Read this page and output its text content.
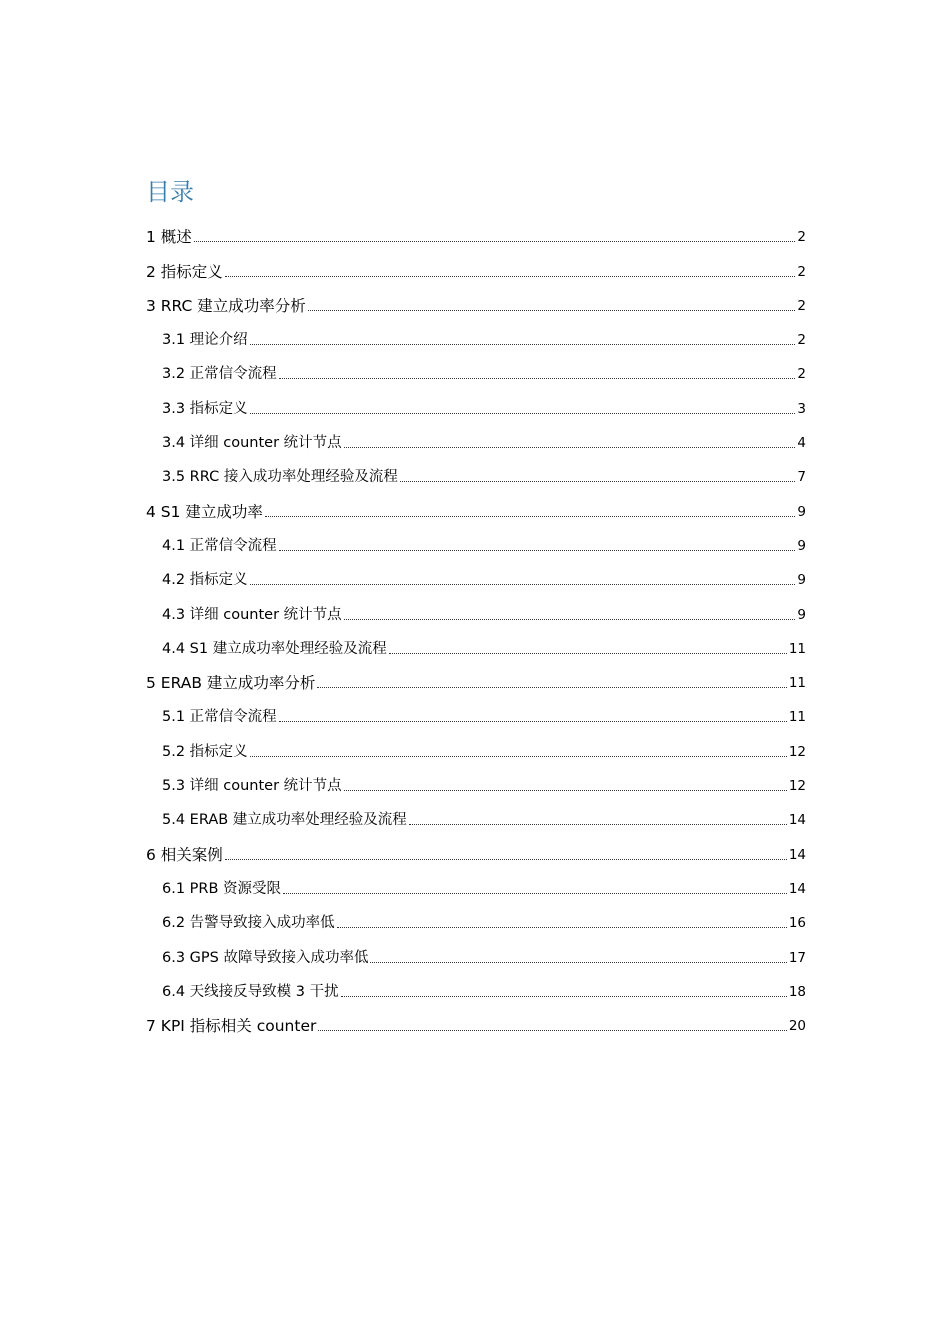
目录
1 概述	2
2 指标定义	2
3 RRC 建立成功率分析	2
3.1 理论介绍	2
3.2 正常信令流程	2
3.3 指标定义	3
3.4 详细 counter 统计节点	4
3.5 RRC 接入成功率处理经验及流程	7
4 S1 建立成功率	9
4.1 正常信令流程	9
4.2 指标定义	9
4.3 详细 counter 统计节点	9
4.4 S1 建立成功率处理经验及流程	11
5 ERAB 建立成功率分析	11
5.1 正常信令流程	11
5.2 指标定义	12
5.3 详细 counter 统计节点	12
5.4 ERAB 建立成功率处理经验及流程	14
6 相关案例	14
6.1 PRB 资源受限	14
6.2 告警导致接入成功率低	16
6.3 GPS 故障导致接入成功率低	17
6.4 天线接反导致模 3 干扰	18
7 KPI 指标相关 counter	20
